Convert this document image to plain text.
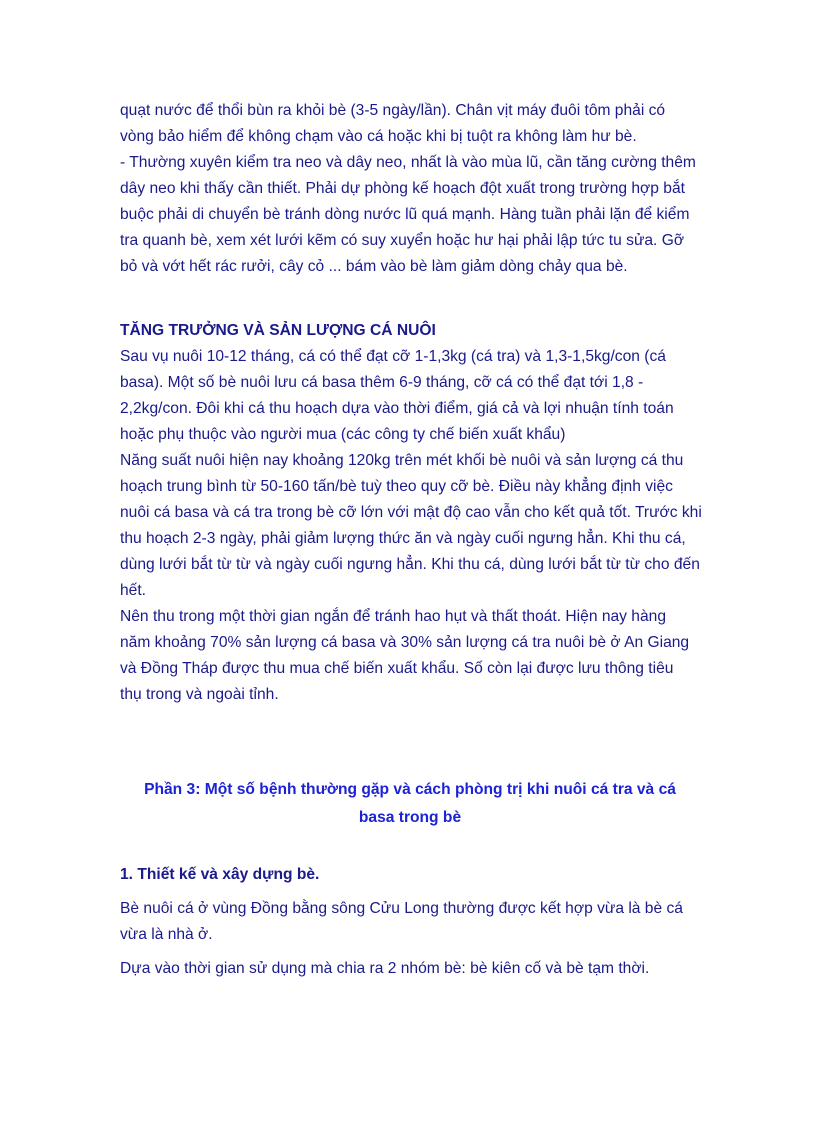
quạt nước để thổi bùn ra khỏi bè (3-5 ngày/lần). Chân vịt máy đuôi tôm phải có vòng bảo hiểm để không chạm vào cá hoặc khi bị tuột ra không làm hư bè.

- Thường xuyên kiểm tra neo và dây neo, nhất là vào mùa lũ, cần tăng cường thêm dây neo khi thấy cần thiết. Phải dự phòng kế hoạch đột xuất trong trường hợp bắt buộc phải di chuyển bè tránh dòng nước lũ quá mạnh. Hàng tuần phải lặn để kiểm tra quanh bè, xem xét lưới kẽm có suy xuyển hoặc hư hại phải lập tức tu sửa. Gỡ bỏ và vớt hết rác rưởi, cây cỏ ... bám vào bè làm giảm dòng chảy qua bè.

TĂNG TRƯỞNG VÀ SẢN LƯỢNG CÁ NUÔI

Sau vụ nuôi 10-12 tháng, cá có thể đạt cỡ 1-1,3kg (cá tra) và 1,3-1,5kg/con (cá basa). Một số bè nuôi lưu cá basa thêm 6-9 tháng, cỡ cá có thể đạt tới 1,8 - 2,2kg/con. Đôi khi cá thu hoạch dựa vào thời điểm, giá cả và lợi nhuận tính toán hoặc phụ thuộc vào người mua (các công ty chế biến xuất khẩu)

Năng suất nuôi hiện nay khoảng 120kg trên mét khối bè nuôi và sản lượng cá thu hoạch trung bình từ 50-160 tấn/bè tuỳ theo quy cỡ bè. Điều này khẳng định việc nuôi cá basa và cá tra trong bè cỡ lớn với mật độ cao vẫn cho kết quả tốt. Trước khi thu hoạch 2-3 ngày, phải giảm lượng thức ăn và ngày cuối ngưng hẳn. Khi thu cá, dùng lưới bắt từ từ và ngày cuối ngưng hẳn. Khi thu cá, dùng lưới bắt từ từ cho đến hết.

Nên thu trong một thời gian ngắn để tránh hao hụt và thất thoát. Hiện nay hàng năm khoảng 70% sản lượng cá basa và 30% sản lượng cá tra nuôi bè ở An Giang và Đồng Tháp được thu mua chế biến xuất khẩu. Số còn lại được lưu thông tiêu thụ trong và ngoài tỉnh.

Phần 3: Một số bệnh thường gặp và cách phòng trị khi nuôi cá tra và cá

basa trong bè

1. Thiết kế và xây dựng bè.

Bè nuôi cá ở vùng Đồng bằng sông Cửu Long thường được kết hợp vừa là bè cá vừa là nhà ở.

Dựa vào thời gian sử dụng mà chia ra 2 nhóm bè: bè kiên cố và bè tạm thời.
